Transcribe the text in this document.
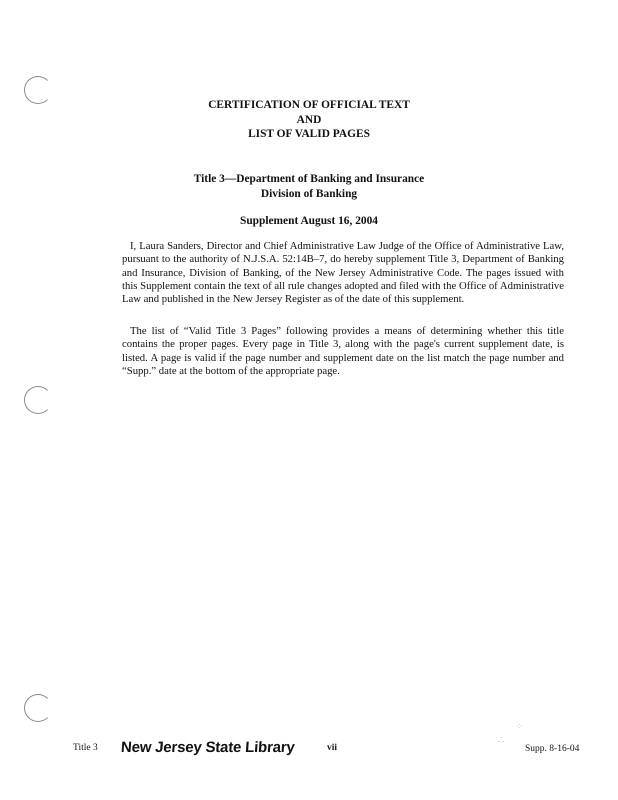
CERTIFICATION OF OFFICIAL TEXT
AND
LIST OF VALID PAGES
Title 3—Department of Banking and Insurance
Division of Banking
Supplement August 16, 2004

I, Laura Sanders, Director and Chief Administrative Law Judge of the Office of Administrative Law, pursuant to the authority of N.J.S.A. 52:14B–7, do hereby supplement Title 3, Department of Banking and Insurance, Division of Banking, of the New Jersey Administrative Code. The pages issued with this Supplement contain the text of all rule changes adopted and filed with the Office of Administrative Law and published in the New Jersey Register as of the date of this supplement.

The list of “Valid Title 3 Pages” following provides a means of determining whether this title contains the proper pages. Every page in Title 3, along with the page's current supplement date, is listed. A page is valid if the page number and supplement date on the list match the page number and “Supp.” date at the bottom of the appropriate page.

Title 3 New Jersey State Library	vii	Supp. 8-16-04
∴
⁘
